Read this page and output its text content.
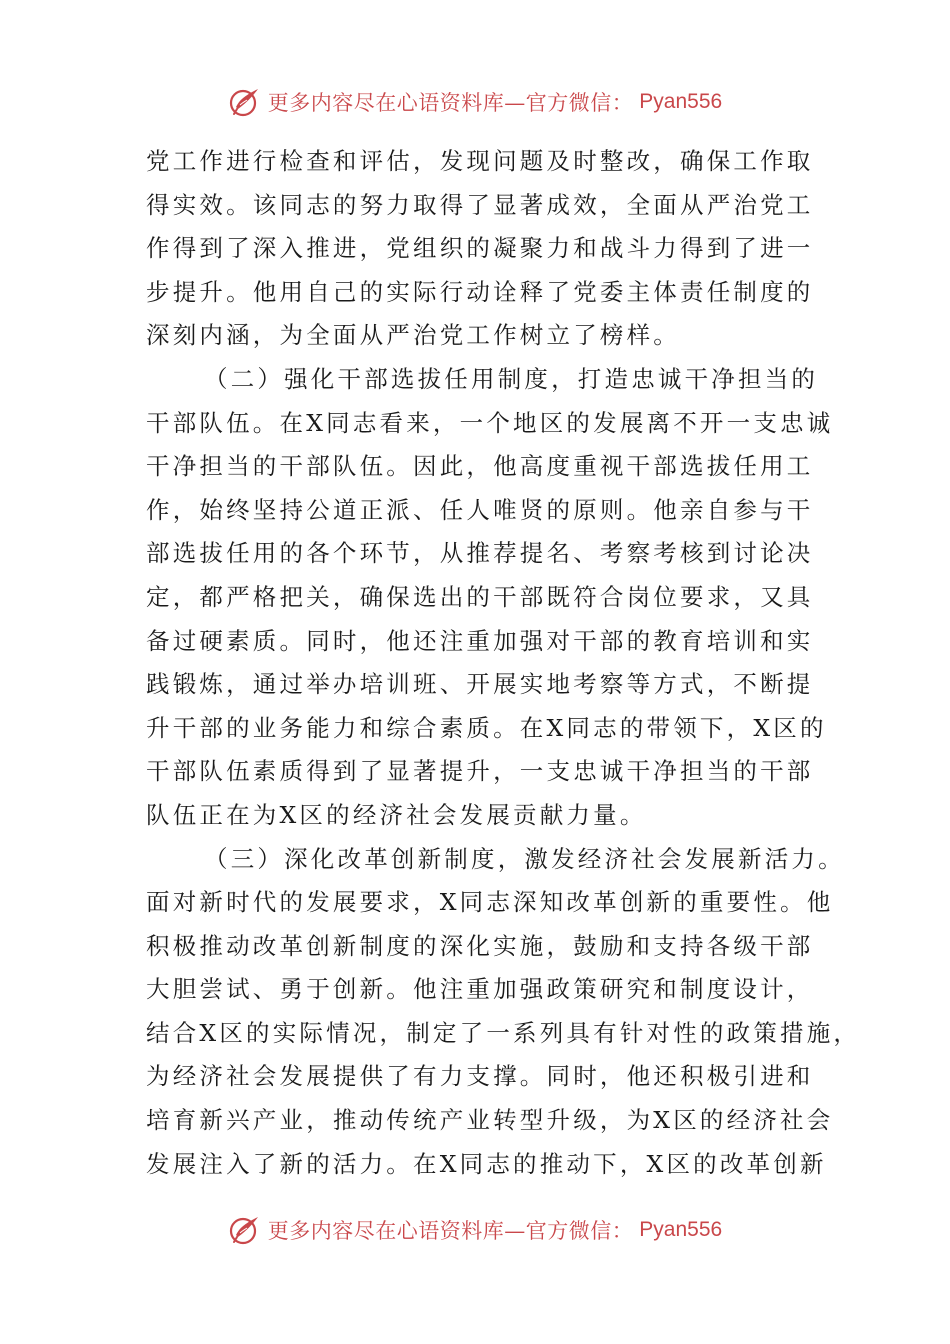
更多内容尽在心语资料库—官方微信： Pyan556
党工作进行检查和评估，发现问题及时整改，确保工作取
得实效。该同志的努力取得了显著成效，全面从严治党工
作得到了深入推进，党组织的凝聚力和战斗力得到了进一
步提升。他用自己的实际行动诠释了党委主体责任制度的
深刻内涵，为全面从严治党工作树立了榜样。
（二）强化干部选拔任用制度，打造忠诚干净担当的
干部队伍。在X同志看来，一个地区的发展离不开一支忠诚
干净担当的干部队伍。因此，他高度重视干部选拔任用工
作，始终坚持公道正派、任人唯贤的原则。他亲自参与干
部选拔任用的各个环节，从推荐提名、考察考核到讨论决
定，都严格把关，确保选出的干部既符合岗位要求，又具
备过硬素质。同时，他还注重加强对干部的教育培训和实
践锻炼，通过举办培训班、开展实地考察等方式，不断提
升干部的业务能力和综合素质。在X同志的带领下，X区的
干部队伍素质得到了显著提升，一支忠诚干净担当的干部
队伍正在为X区的经济社会发展贡献力量。
（三）深化改革创新制度，激发经济社会发展新活力。
面对新时代的发展要求，X同志深知改革创新的重要性。他
积极推动改革创新制度的深化实施，鼓励和支持各级干部
大胆尝试、勇于创新。他注重加强政策研究和制度设计，
结合X区的实际情况，制定了一系列具有针对性的政策措施，
为经济社会发展提供了有力支撑。同时，他还积极引进和
培育新兴产业，推动传统产业转型升级，为X区的经济社会
发展注入了新的活力。在X同志的推动下，X区的改革创新
更多内容尽在心语资料库—官方微信： Pyan556
